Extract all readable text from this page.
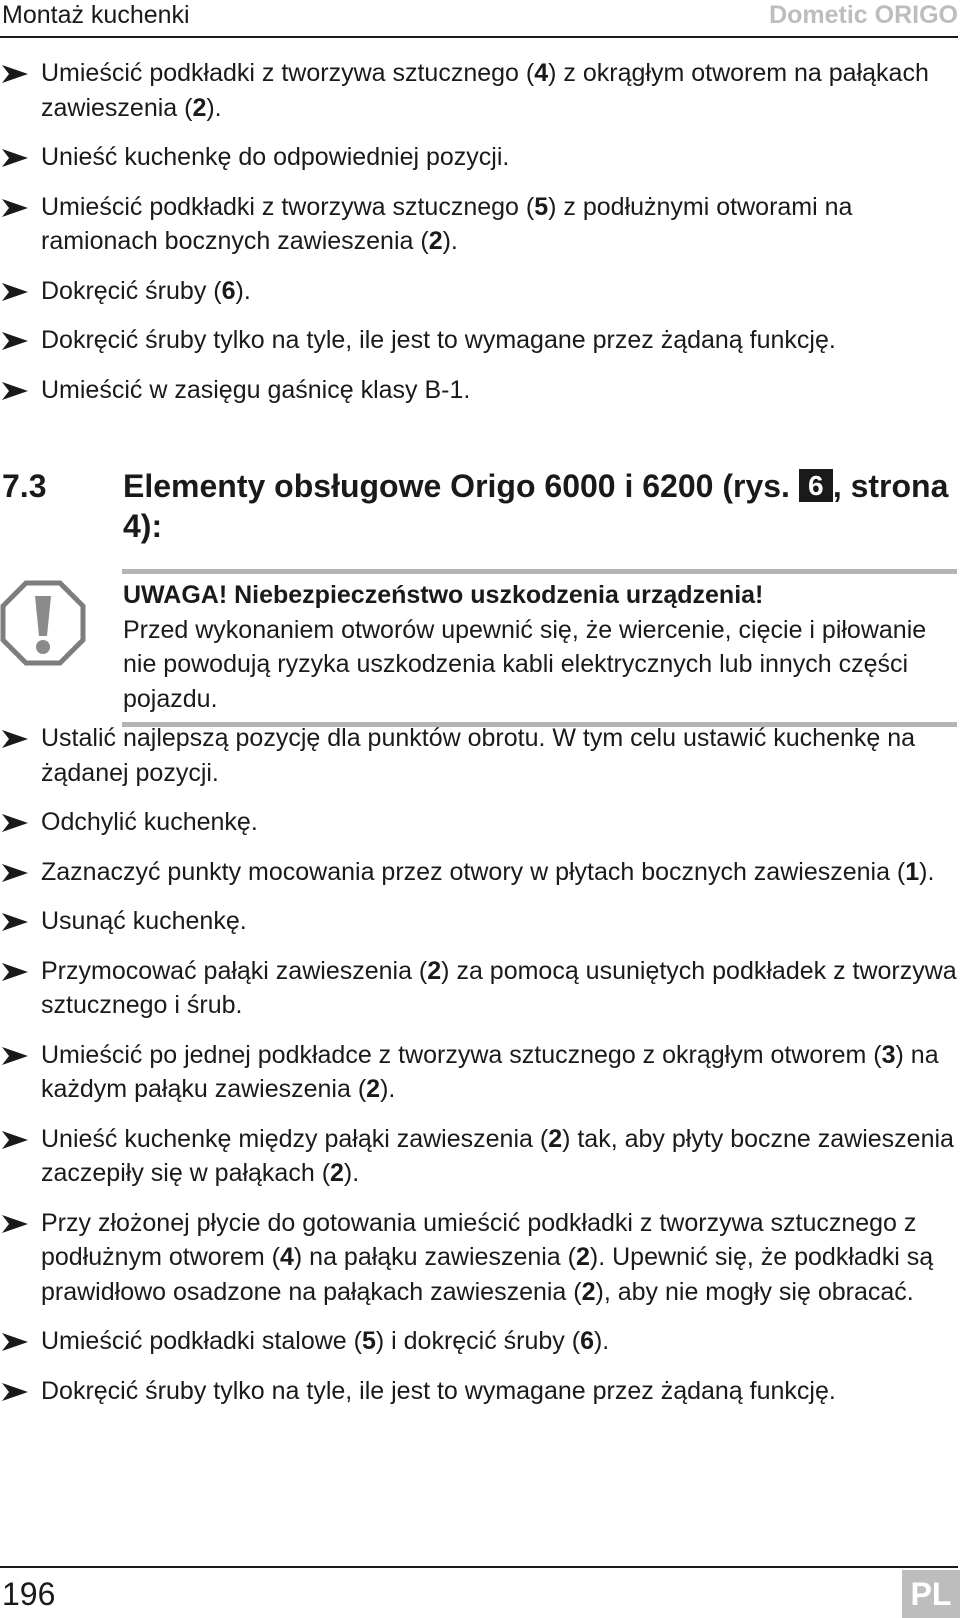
Montaż kuchenki	Dometic ORIGO
Umieścić podkładki z tworzywa sztucznego (4) z okrągłym otworem na pałąkach zawieszenia (2).
Unieść kuchenkę do odpowiedniej pozycji.
Umieścić podkładki z tworzywa sztucznego (5) z podłużnymi otworami na ramionach bocznych zawieszenia (2).
Dokręcić śruby (6).
Dokręcić śruby tylko na tyle, ile jest to wymagane przez żądaną funkcję.
Umieścić w zasięgu gaśnicę klasy B-1.
7.3 Elementy obsługowe Origo 6000 i 6200 (rys. 6 , strona 4):
UWAGA! Niebezpieczeństwo uszkodzenia urządzenia!
Przed wykonaniem otworów upewnić się, że wiercenie, cięcie i piłowanie nie powodują ryzyka uszkodzenia kabli elektrycznych lub innych części pojazdu.
Ustalić najlepszą pozycję dla punktów obrotu. W tym celu ustawić kuchenkę na żądanej pozycji.
Odchylić kuchenkę.
Zaznaczyć punkty mocowania przez otwory w płytach bocznych zawieszenia (1).
Usunąć kuchenkę.
Przymocować pałąki zawieszenia (2) za pomocą usuniętych podkładek z tworzywa sztucznego i śrub.
Umieścić po jednej podkładce z tworzywa sztucznego z okrągłym otworem (3) na każdym pałąku zawieszenia (2).
Unieść kuchenkę między pałąki zawieszenia (2) tak, aby płyty boczne zawieszenia zaczepiły się w pałąkach (2).
Przy złożonej płycie do gotowania umieścić podkładki z tworzywa sztucznego z podłużnym otworem (4) na pałąku zawieszenia (2). Upewnić się, że podkładki są prawidłowo osadzone na pałąkach zawieszenia (2), aby nie mogły się obracać.
Umieścić podkładki stalowe (5) i dokręcić śruby (6).
Dokręcić śruby tylko na tyle, ile jest to wymagane przez żądaną funkcję.
196	PL
